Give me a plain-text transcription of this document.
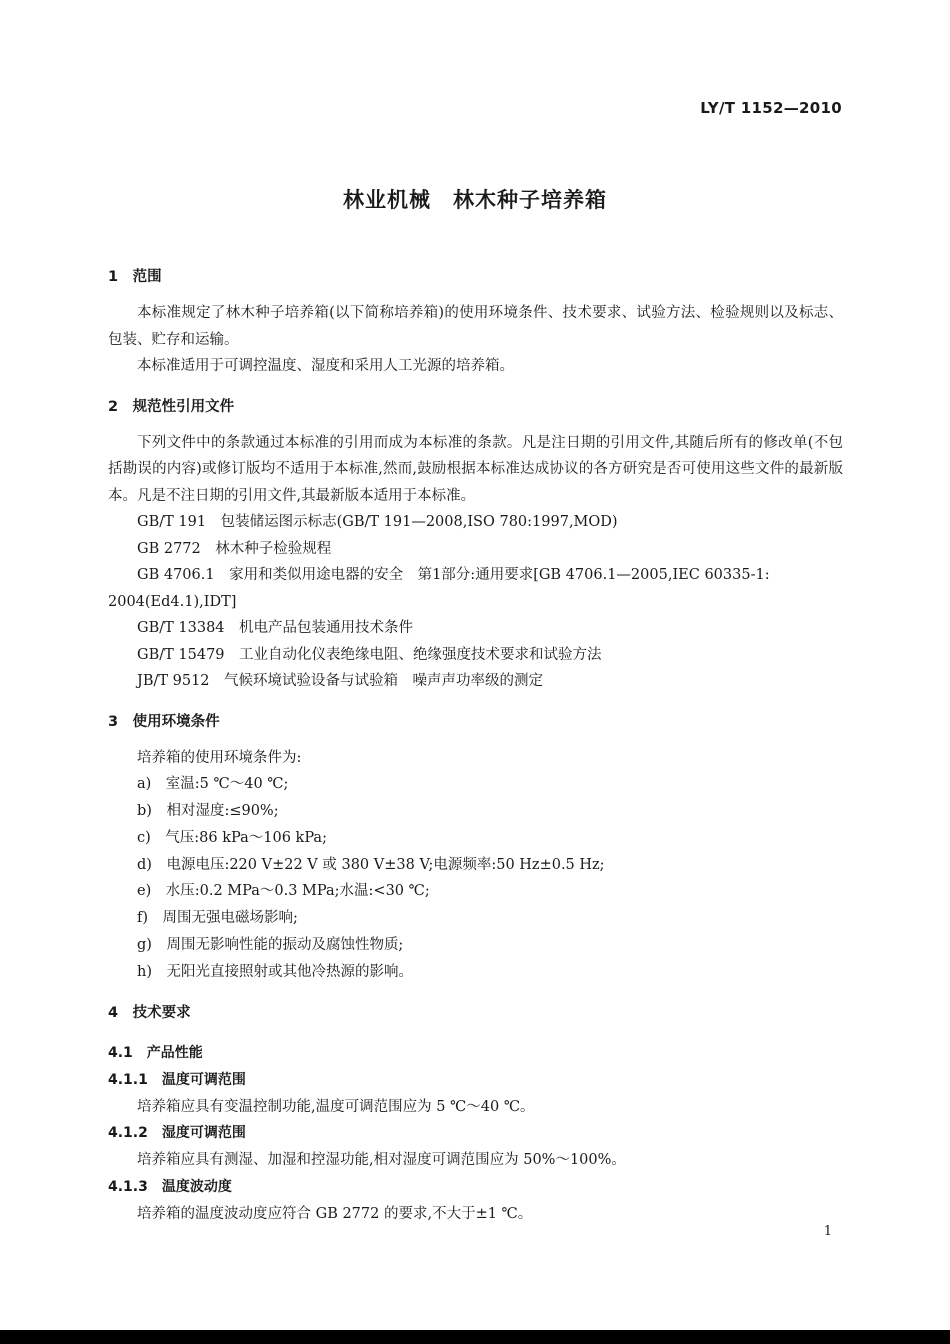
LY/T 1152—2010
林业机械　林木种子培养箱
1　范围

本标准规定了林木种子培养箱(以下简称培养箱)的使用环境条件、技术要求、试验方法、检验规则以及标志、包装、贮存和运输。

本标准适用于可调控温度、湿度和采用人工光源的培养箱。

2　规范性引用文件

下列文件中的条款通过本标准的引用而成为本标准的条款。凡是注日期的引用文件,其随后所有的修改单(不包括勘误的内容)或修订版均不适用于本标准,然而,鼓励根据本标准达成协议的各方研究是否可使用这些文件的最新版本。凡是不注日期的引用文件,其最新版本适用于本标准。

GB/T 191　包装储运图示标志(GB/T 191—2008,ISO 780:1997,MOD)

GB 2772　林木种子检验规程

GB 4706.1　家用和类似用途电器的安全　第1部分:通用要求[GB 4706.1—2005,IEC 60335-1:
2004(Ed4.1),IDT]

GB/T 13384　机电产品包装通用技术条件

GB/T 15479　工业自动化仪表绝缘电阻、绝缘强度技术要求和试验方法

JB/T 9512　气候环境试验设备与试验箱　噪声声功率级的测定

3　使用环境条件

培养箱的使用环境条件为:

a)　室温:5 ℃～40 ℃;

b)　相对湿度:≤90%;

c)　气压:86 kPa～106 kPa;

d)　电源电压:220 V±22 V 或 380 V±38 V;电源频率:50 Hz±0.5 Hz;

e)　水压:0.2 MPa～0.3 MPa;水温:<30 ℃;

f)　周围无强电磁场影响;

g)　周围无影响性能的振动及腐蚀性物质;

h)　无阳光直接照射或其他冷热源的影响。

4　技术要求
4.1　产品性能
4.1.1　温度可调范围

培养箱应具有变温控制功能,温度可调范围应为 5 ℃～40 ℃。

4.1.2　湿度可调范围

培养箱应具有测湿、加湿和控湿功能,相对湿度可调范围应为 50%～100%。

4.1.3　温度波动度

培养箱的温度波动度应符合 GB 2772 的要求,不大于±1 ℃。

1
